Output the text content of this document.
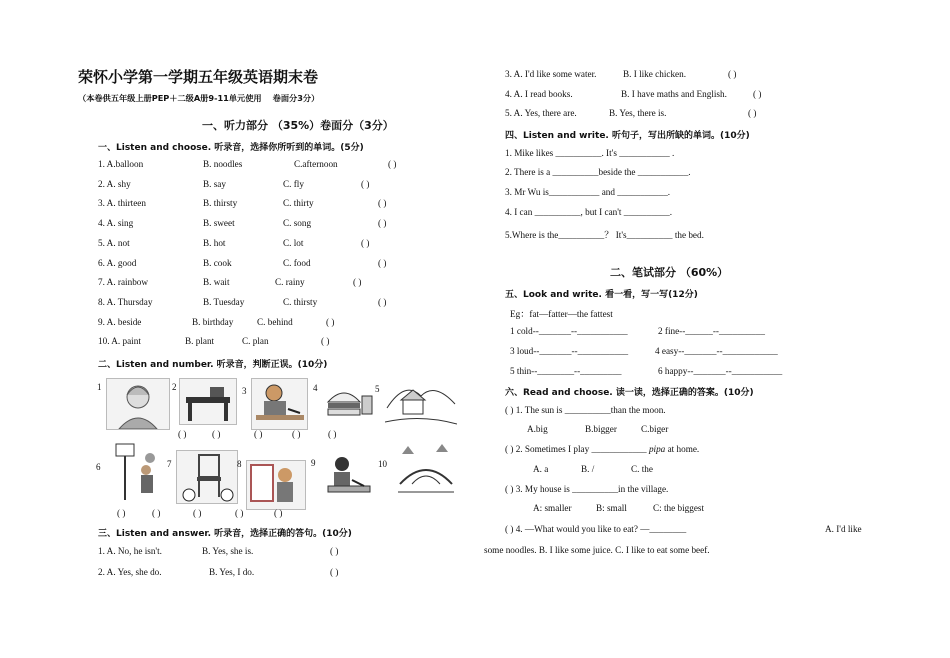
荣怀小学第一学期五年级英语期末卷
（本卷供五年级上册PEP＋二级A册9-11单元使用　 卷面分3分）
一、听力部分 （35%）卷面分（3分）
一、Listen and choose. 听录音，选择你所听到的单词。(5分)
1. A.balloon	B. noodles	C.afternoon	( )
2. A. shy	B. say	C. fly	( )
3. A. thirteen	B. thirsty	C. thirty	( )
4. A. sing	B. sweet	C. song	( )
5. A. not	B. hot	C. lot	( )
6. A. good	B. cook	C. food	( )
7. A. rainbow	B. wait	C. rainy	( )
8. A. Thursday	B. Tuesday	C. thirsty	( )
9. A. beside	B. birthday	C. behind	( )
10. A. paint	B. plant	C. plan	( )
二、Listen and number. 听录音，判断正误。(10分)
1	2	3	4	5
( )	( )	( )	( )	( )
6	7	8	9	10
( )	( )	( )	( )	( )
三、Listen and answer. 听录音，选择正确的答句。(10分)
1. A. No, he isn't.	B. Yes, she is.	( )
2. A. Yes, she do.	B. Yes, I do.	( )
3. A. I'd like some water.	B. I like chicken.	( )
4. A. I read books.	B. I have maths and English.	( )
5. A. Yes, there are.	B. Yes, there is.	( )
四、Listen and write. 听句子，写出所缺的单词。(10分)
1. Mike likes __________. It's ___________ .
2. There is a __________beside the ___________.
3. Mr Wu is___________ and ___________.
4. I can __________, but I can't __________.
5.Where is the__________？ It's__________ the bed.
二、笔试部分 （60%）
五、Look and write. 看一看，写一写(12分)
Eg：fat—fatter—the fattest
1 cold--_______--___________	2 fine--______--__________
3 loud--_______--___________	4 easy--_______--____________
5 thin--________--_________	6 happy--_______--___________
六、Read and choose. 读一读，选择正确的答案。(10分)
( ) 1. The sun is __________than the moon.
A.big	B.bigger	C.biger
( ) 2. Sometimes I play ____________ pipa at home.
A. a	B. /	C. the
( ) 3. My house is __________in the village.
A: smaller	B: small	C: the biggest
( ) 4. —What would you like to eat? —________	A. I'd like
some noodles. B. I like some juice. C. I like to eat some beef.
